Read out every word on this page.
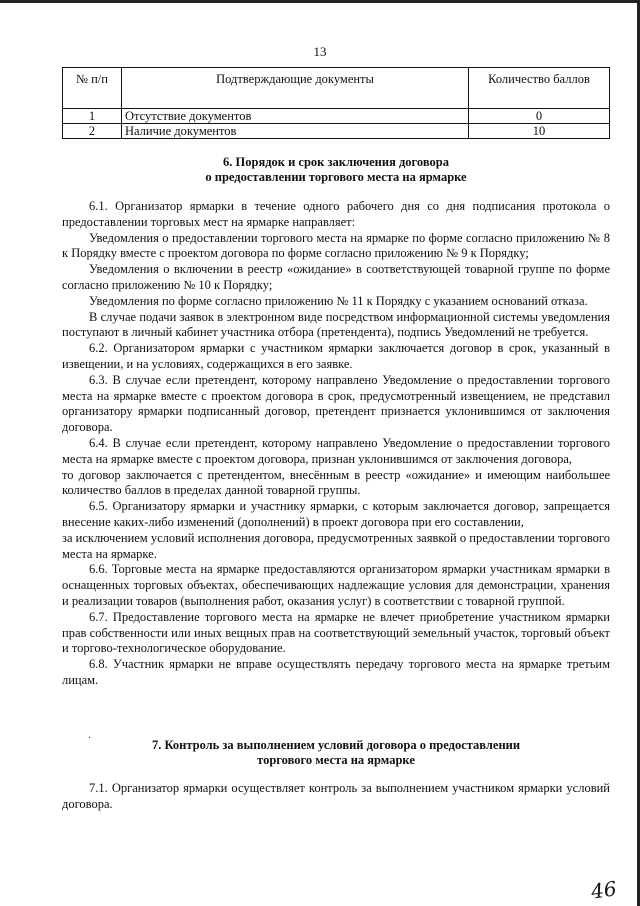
13
№ п/п	Подтверждающие документы	Количество баллов
1	Отсутствие документов	0
2	Наличие документов	10
6. Порядок и срок заключения договора
о предоставлении торгового места на ярмарке

6.1. Организатор ярмарки в течение одного рабочего дня со дня подписания протокола о предоставлении торговых мест на ярмарке направляет:

Уведомления о предоставлении торгового места на ярмарке по форме согласно приложению № 8 к Порядку вместе с проектом договора по форме согласно приложению № 9 к Порядку;

Уведомления о включении в реестр «ожидание» в соответствующей товарной группе по форме согласно приложению № 10 к Порядку;

Уведомления по форме согласно приложению № 11 к Порядку с указанием оснований отказа.

В случае подачи заявок в электронном виде посредством информационной системы уведомления поступают в личный кабинет участника отбора (претендента), подпись Уведомлений не требуется.

6.2. Организатором ярмарки с участником ярмарки заключается договор в срок, указанный в извещении, и на условиях, содержащихся в его заявке.

6.3. В случае если претендент, которому направлено Уведомление о предоставлении торгового места на ярмарке вместе с проектом договора в срок, предусмотренный извещением, не представил организатору ярмарки подписанный договор, претендент признается уклонившимся от заключения договора.

6.4. В случае если претендент, которому направлено Уведомление о предоставлении торгового места на ярмарке вместе с проектом договора, признан уклонившимся от заключения договора,

то договор заключается с претендентом, внесённым в реестр «ожидание» и имеющим наибольшее количество баллов в пределах данной товарной группы.

6.5. Организатору ярмарки и участнику ярмарки, с которым заключается договор, запрещается внесение каких-либо изменений (дополнений) в проект договора при его составлении,

за исключением условий исполнения договора, предусмотренных заявкой о предоставлении торгового места на ярмарке.

6.6. Торговые места на ярмарке предоставляются организатором ярмарки участникам ярмарки в оснащенных торговых объектах, обеспечивающих надлежащие условия для демонстрации, хранения и реализации товаров (выполнения работ, оказания услуг) в соответствии с товарной группой.

6.7. Предоставление торгового места на ярмарке не влечет приобретение участником ярмарки прав собственности или иных вещных прав на соответствующий земельный участок, торговый объект и торгово-технологическое оборудование.

6.8. Участник ярмарки не вправе осуществлять передачу торгового места на ярмарке третьим лицам.

·	7. Контроль за выполнением условий договора о предоставлении
торгового места на ярмарке

7.1. Организатор ярмарки осуществляет контроль за выполнением участником ярмарки условий договора.

46
